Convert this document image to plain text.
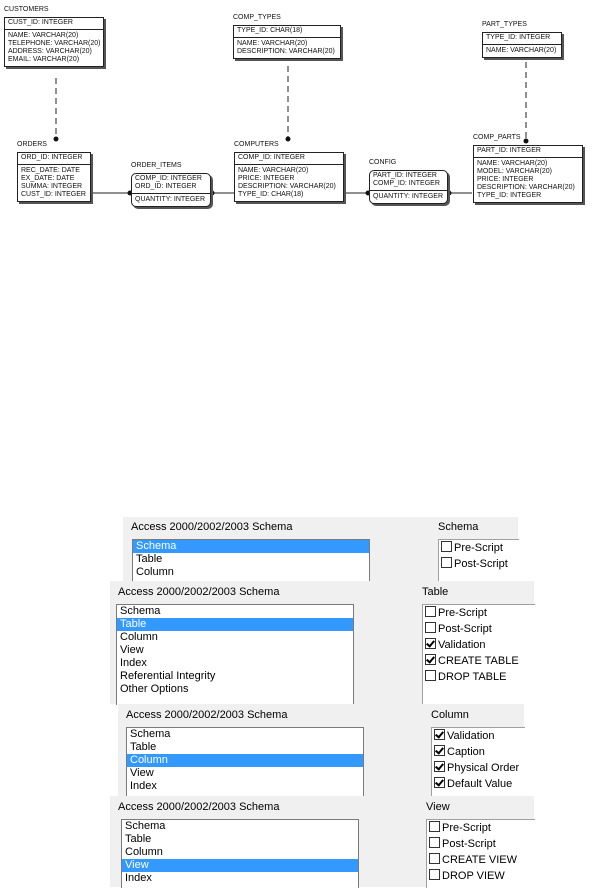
CUSTOMERS
CUST_ID: INTEGER
NAME: VARCHAR(20)
TELEPHONE: VARCHAR(20)
ADDRESS: VARCHAR(20)
EMAIL: VARCHAR(20)
COMP_TYPES
TYPE_ID: CHAR(18)
NAME: VARCHAR(20)
DESCRIPTION: VARCHAR(20)
PART_TYPES
TYPE_ID: INTEGER
NAME: VARCHAR(20)
ORDERS
ORD_ID: INTEGER
REC_DATE: DATE
EX_DATE: DATE
SUMMA: INTEGER
CUST_ID: INTEGER
ORDER_ITEMS
COMP_ID: INTEGER
ORD_ID: INTEGER
QUANTITY: INTEGER
COMPUTERS
COMP_ID: INTEGER
NAME: VARCHAR(20)
PRICE: INTEGER
DESCRIPTION: VARCHAR(20)
TYPE_ID: CHAR(18)
CONFIG
PART_ID: INTEGER
COMP_ID: INTEGER
QUANTITY: INTEGER
COMP_PARTS
PART_ID: INTEGER
NAME: VARCHAR(20)
MODEL: VARCHAR(20)
PRICE: INTEGER
DESCRIPTION: VARCHAR(20)
TYPE_ID: INTEGER
Access 2000/2002/2003 Schema
Schema
Table
Column
Schema
Pre-Script
Post-Script
Access 2000/2002/2003 Schema
Schema
Table
Column
View
Index
Referential Integrity
Other Options
Table
Pre-Script
Post-Script
Validation
CREATE TABLE
DROP TABLE
Access 2000/2002/2003 Schema
Schema
Table
Column
View
Index
Column
Validation
Caption
Physical Order
Default Value
Access 2000/2002/2003 Schema
Schema
Table
Column
View
Index
View
Pre-Script
Post-Script
CREATE VIEW
DROP VIEW
